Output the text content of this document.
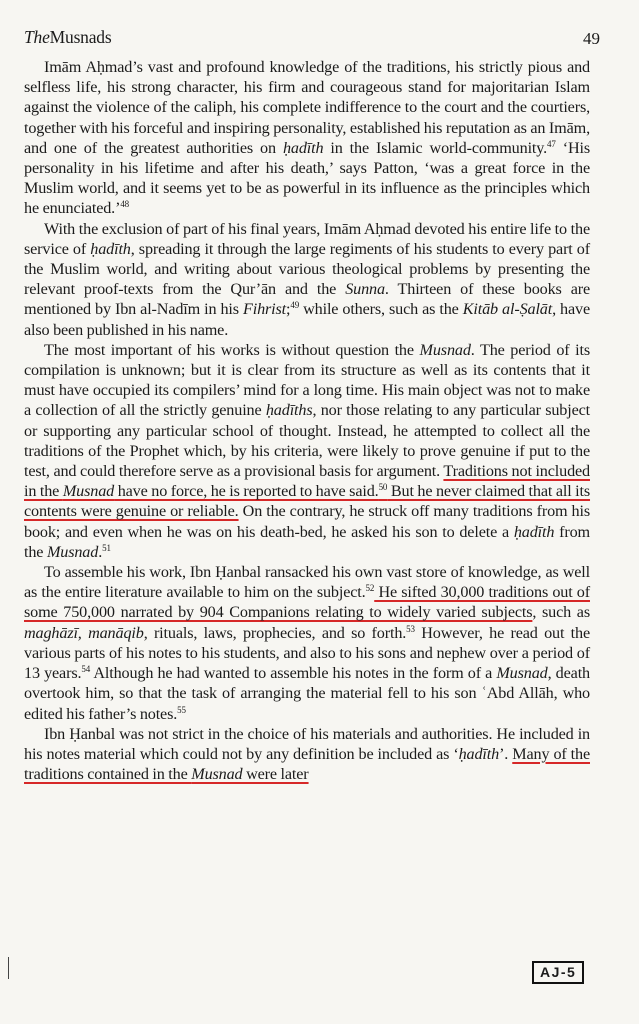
TheMusnads	49

Imām Aḥmad’s vast and profound knowledge of the traditions, his strictly pious and selfless life, his strong character, his firm and courageous stand for majoritarian Islam against the violence of the caliph, his complete indifference to the court and the courtiers, together with his forceful and inspiring personality, established his reputation as an Imām, and one of the greatest authorities on ḥadīth in the Islamic world-community.$^{47}$ ‘His personality in his lifetime and after his death,’ says Patton, ‘was a great force in the Muslim world, and it seems yet to be as powerful in its influence as the principles which he enunciated.’$^{48}$

With the exclusion of part of his final years, Imām Aḥmad devoted his entire life to the service of ḥadīth, spreading it through the large regiments of his students to every part of the Muslim world, and writing about various theological problems by presenting the relevant proof-texts from the Qur’ān and the Sunna. Thirteen of these books are mentioned by Ibn al-Nadīm in his Fihrist;$^{49}$ while others, such as the Kitāb al-Ṣalāt, have also been published in his name.

The most important of his works is without question the Musnad. The period of its compilation is unknown; but it is clear from its structure as well as its contents that it must have occupied its compilers’ mind for a long time. His main object was not to make a collection of all the strictly genuine ḥadīths, nor those relating to any particular subject or supporting any particular school of thought. Instead, he attempted to collect all the traditions of the Prophet which, by his criteria, were likely to prove genuine if put to the test, and could therefore serve as a provisional basis for argument. Traditions not included in the Musnad have no force, he is reported to have said.$^{50}$ But he never claimed that all its contents were genuine or reliable. On the contrary, he struck off many traditions from his book; and even when he was on his death-bed, he asked his son to delete a ḥadīth from the Musnad.$^{51}$

To assemble his work, Ibn Ḥanbal ransacked his own vast store of knowledge, as well as the entire literature available to him on the subject.$^{52}$ He sifted 30,000 traditions out of some 750,000 narrated by 904 Companions relating to widely varied subjects, such as maghāzī, manāqib, rituals, laws, prophecies, and so forth.$^{53}$ However, he read out the various parts of his notes to his students, and also to his sons and nephew over a period of 13 years.$^{54}$ Although he had wanted to assemble his notes in the form of a Musnad, death overtook him, so that the task of arranging the material fell to his son ʿAbd Allāh, who edited his father’s notes.$^{55}$

Ibn Ḥanbal was not strict in the choice of his materials and authorities. He included in his notes material which could not by any definition be included as ‘ḥadīth’. Many of the traditions contained in the Musnad were later

AJ-5
